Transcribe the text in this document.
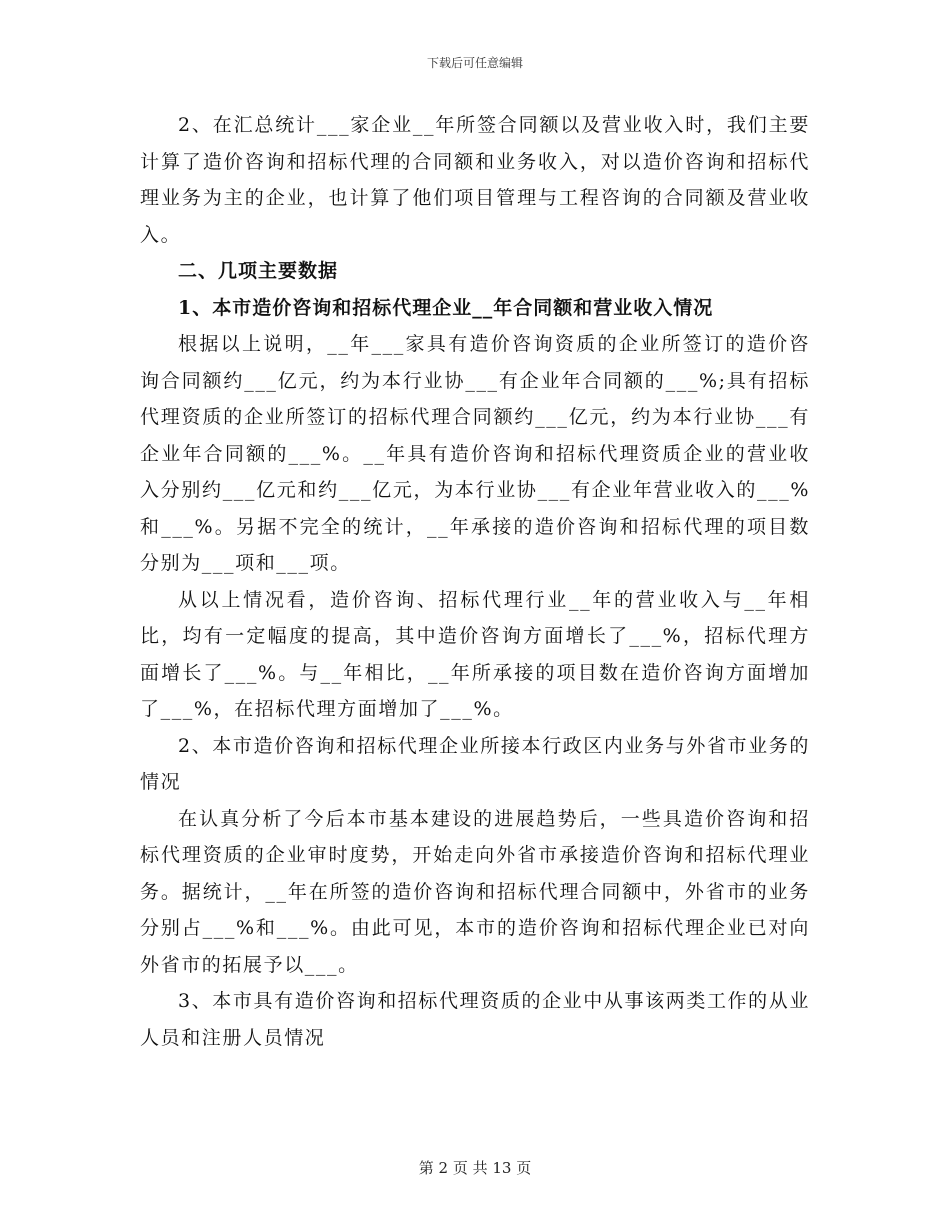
下载后可任意编辑

2、在汇总统计___家企业__年所签合同额以及营业收入时，我们主要计算了造价咨询和招标代理的合同额和业务收入，对以造价咨询和招标代理业务为主的企业，也计算了他们项目管理与工程咨询的合同额及营业收入。

二、几项主要数据

1、本市造价咨询和招标代理企业__年合同额和营业收入情况

根据以上说明，__年___家具有造价咨询资质的企业所签订的造价咨询合同额约___亿元，约为本行业协___有企业年合同额的___%;具有招标代理资质的企业所签订的招标代理合同额约___亿元，约为本行业协___有企业年合同额的___%。__年具有造价咨询和招标代理资质企业的营业收入分别约___亿元和约___亿元，为本行业协___有企业年营业收入的___%和___%。另据不完全的统计，__年承接的造价咨询和招标代理的项目数分别为___项和___项。

从以上情况看，造价咨询、招标代理行业__年的营业收入与__年相比，均有一定幅度的提高，其中造价咨询方面增长了___%，招标代理方面增长了___%。与__年相比，__年所承接的项目数在造价咨询方面增加了___%，在招标代理方面增加了___%。

2、本市造价咨询和招标代理企业所接本行政区内业务与外省市业务的情况

在认真分析了今后本市基本建设的进展趋势后，一些具造价咨询和招标代理资质的企业审时度势，开始走向外省市承接造价咨询和招标代理业务。据统计，__年在所签的造价咨询和招标代理合同额中，外省市的业务分别占___%和___%。由此可见，本市的造价咨询和招标代理企业已对向外省市的拓展予以___。

3、本市具有造价咨询和招标代理资质的企业中从事该两类工作的从业人员和注册人员情况

第 2 页 共 13 页
